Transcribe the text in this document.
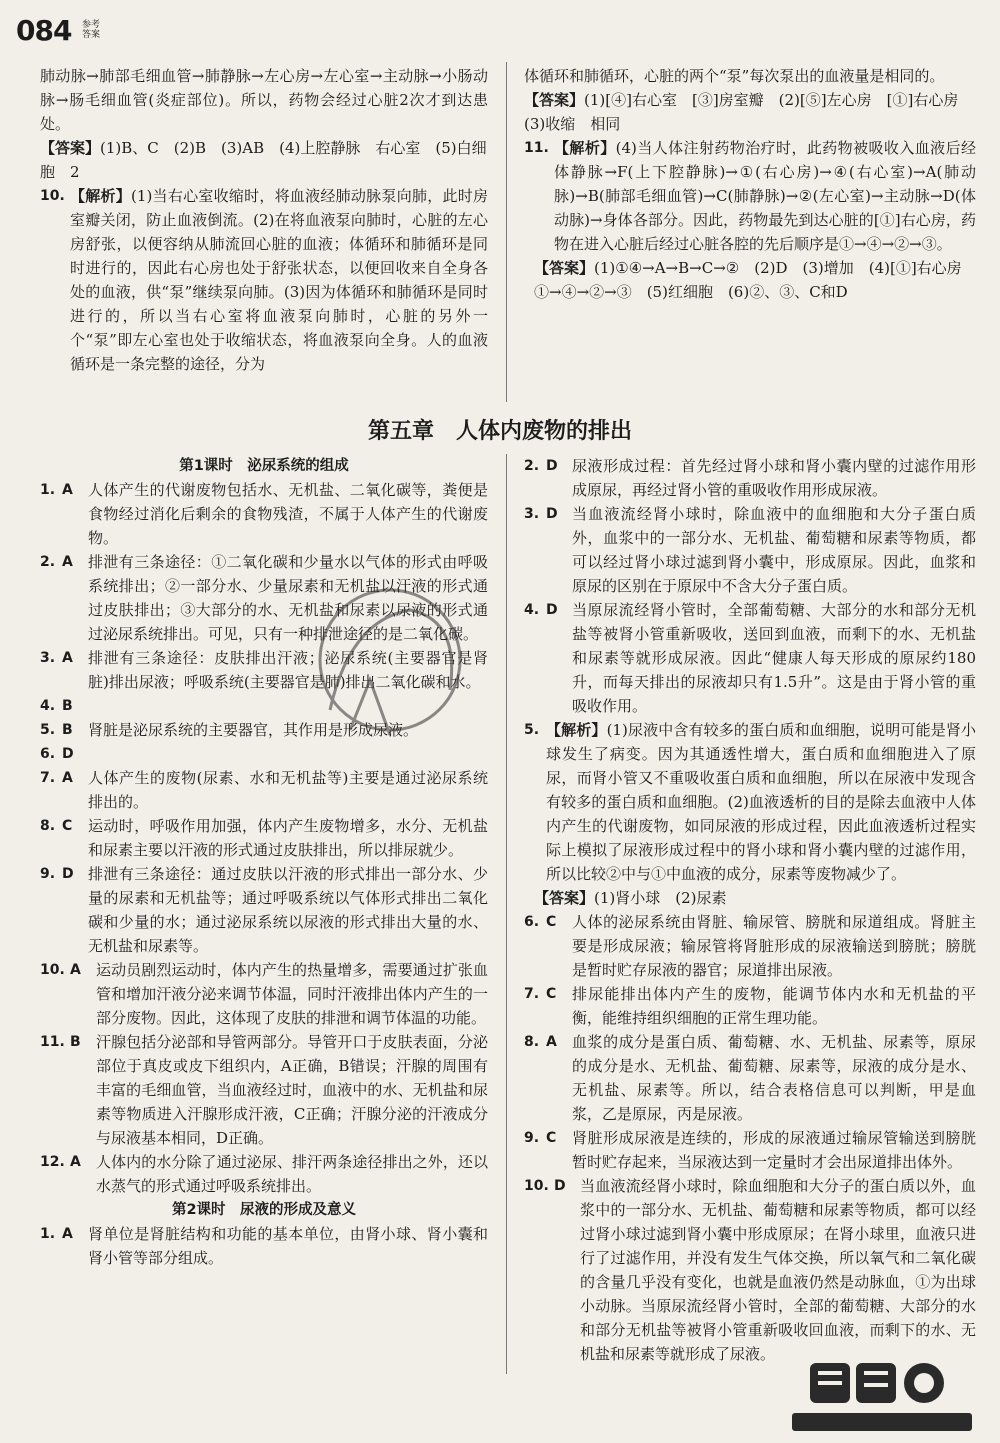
084 参考答案

肺动脉→肺部毛细血管→肺静脉→左心房→左心室→主动脉→小肠动脉→肠毛细血管(炎症部位)。所以，药物会经过心脏2次才到达患处。

【答案】(1)B、C　(2)B　(3)AB　(4)上腔静脉　右心室　(5)白细胞　2

10. 【解析】(1)当右心室收缩时，将血液经肺动脉泵向肺，此时房室瓣关闭，防止血液倒流。(2)在将血液泵向肺时，心脏的左心房舒张，以便容纳从肺流回心脏的血液；体循环和肺循环是同时进行的，因此右心房也处于舒张状态，以便回收来自全身各处的血液，供“泵”继续泵向肺。(3)因为体循环和肺循环是同时进行的，所以当右心室将血液泵向肺时，心脏的另外一个“泵”即左心室也处于收缩状态，将血液泵向全身。人的血液循环是一条完整的途径，分为

体循环和肺循环，心脏的两个“泵”每次泵出的血液量是相同的。

【答案】(1)[④]右心室　[③]房室瓣　(2)[⑤]左心房　[①]右心房　(3)收缩　相同

11. 【解析】(4)当人体注射药物治疗时，此药物被吸收入血液后经体静脉→F(上下腔静脉)→①(右心房)→④(右心室)→A(肺动脉)→B(肺部毛细血管)→C(肺静脉)→②(左心室)→主动脉→D(体动脉)→身体各部分。因此，药物最先到达心脏的[①]右心房，药物在进入心脏后经过心脏各腔的先后顺序是①→④→②→③。

【答案】(1)①④→A→B→C→②　(2)D　(3)增加　(4)[①]右心房　①→④→②→③　(5)红细胞　(6)②、③、C和D

第五章　人体内废物的排出

第1课时　泌尿系统的组成

1. A	人体产生的代谢废物包括水、无机盐、二氧化碳等，粪便是食物经过消化后剩余的食物残渣，不属于人体产生的代谢废物。
2. A	排泄有三条途径：①二氧化碳和少量水以气体的形式由呼吸系统排出；②一部分水、少量尿素和无机盐以汗液的形式通过皮肤排出；③大部分的水、无机盐和尿素以尿液的形式通过泌尿系统排出。可见，只有一种排泄途径的是二氧化碳。
3. A	排泄有三条途径：皮肤排出汗液；泌尿系统(主要器官是肾脏)排出尿液；呼吸系统(主要器官是肺)排出二氧化碳和水。
4. B
5. B	肾脏是泌尿系统的主要器官，其作用是形成尿液。
6. D
7. A	人体产生的废物(尿素、水和无机盐等)主要是通过泌尿系统排出的。
8. C	运动时，呼吸作用加强，体内产生废物增多，水分、无机盐和尿素主要以汗液的形式通过皮肤排出，所以排尿就少。
9. D 排泄有三条途径：通过皮肤以汗液的形式排出一部分水、少量的尿素和无机盐等；通过呼吸系统以气体形式排出二氧化碳和少量的水；通过泌尿系统以尿液的形式排出大量的水、无机盐和尿素等。
10. A	运动员剧烈运动时，体内产生的热量增多，需要通过扩张血管和增加汗液分泌来调节体温，同时汗液排出体内产生的一部分废物。因此，这体现了皮肤的排泄和调节体温的功能。
11. B	汗腺包括分泌部和导管两部分。导管开口于皮肤表面，分泌部位于真皮或皮下组织内，A正确，B错误；汗腺的周围有丰富的毛细血管，当血液经过时，血液中的水、无机盐和尿素等物质进入汗腺形成汗液，C正确；汗腺分泌的汗液成分与尿液基本相同，D正确。
12. A	人体内的水分除了通过泌尿、排汗两条途径排出之外，还以水蒸气的形式通过呼吸系统排出。

第2课时　尿液的形成及意义

1. A	肾单位是肾脏结构和功能的基本单位，由肾小球、肾小囊和肾小管等部分组成。
2. D 尿液形成过程：首先经过肾小球和肾小囊内壁的过滤作用形成原尿，再经过肾小管的重吸收作用形成尿液。
3. D 当血液流经肾小球时，除血液中的血细胞和大分子蛋白质外，血浆中的一部分水、无机盐、葡萄糖和尿素等物质，都可以经过肾小球过滤到肾小囊中，形成原尿。因此，血浆和原尿的区别在于原尿中不含大分子蛋白质。
4. D 当原尿流经肾小管时，全部葡萄糖、大部分的水和部分无机盐等被肾小管重新吸收，送回到血液，而剩下的水、无机盐和尿素等就形成尿液。因此“健康人每天形成的原尿约180升，而每天排出的尿液却只有1.5升”。这是由于肾小管的重吸收作用。
5. 【解析】(1)尿液中含有较多的蛋白质和血细胞，说明可能是肾小球发生了病变。因为其通透性增大，蛋白质和血细胞进入了原尿，而肾小管又不重吸收蛋白质和血细胞，所以在尿液中发现含有较多的蛋白质和血细胞。(2)血液透析的目的是除去血液中人体内产生的代谢废物，如同尿液的形成过程，因此血液透析过程实际上模拟了尿液形成过程中的肾小球和肾小囊内壁的过滤作用，所以比较②中与①中血液的成分，尿素等废物减少了。

【答案】(1)肾小球　(2)尿素

6. C	人体的泌尿系统由肾脏、输尿管、膀胱和尿道组成。肾脏主要是形成尿液；输尿管将肾脏形成的尿液输送到膀胱；膀胱是暂时贮存尿液的器官；尿道排出尿液。
7. C	排尿能排出体内产生的废物，能调节体内水和无机盐的平衡，能维持组织细胞的正常生理功能。
8. A	血浆的成分是蛋白质、葡萄糖、水、无机盐、尿素等，原尿的成分是水、无机盐、葡萄糖、尿素等，尿液的成分是水、无机盐、尿素等。所以，结合表格信息可以判断，甲是血浆，乙是原尿，丙是尿液。
9. C	肾脏形成尿液是连续的，形成的尿液通过输尿管输送到膀胱暂时贮存起来，当尿液达到一定量时才会出尿道排出体外。
10. D 当血液流经肾小球时，除血细胞和大分子的蛋白质以外，血浆中的一部分水、无机盐、葡萄糖和尿素等物质，都可以经过肾小球过滤到肾小囊中形成原尿；在肾小球里，血液只进行了过滤作用，并没有发生气体交换，所以氧气和二氧化碳的含量几乎没有变化，也就是血液仍然是动脉血，①为出球小动脉。当原尿流经肾小管时，全部的葡萄糖、大部分的水和部分无机盐等被肾小管重新吸收回血液，而剩下的水、无机盐和尿素等就形成了尿液。
